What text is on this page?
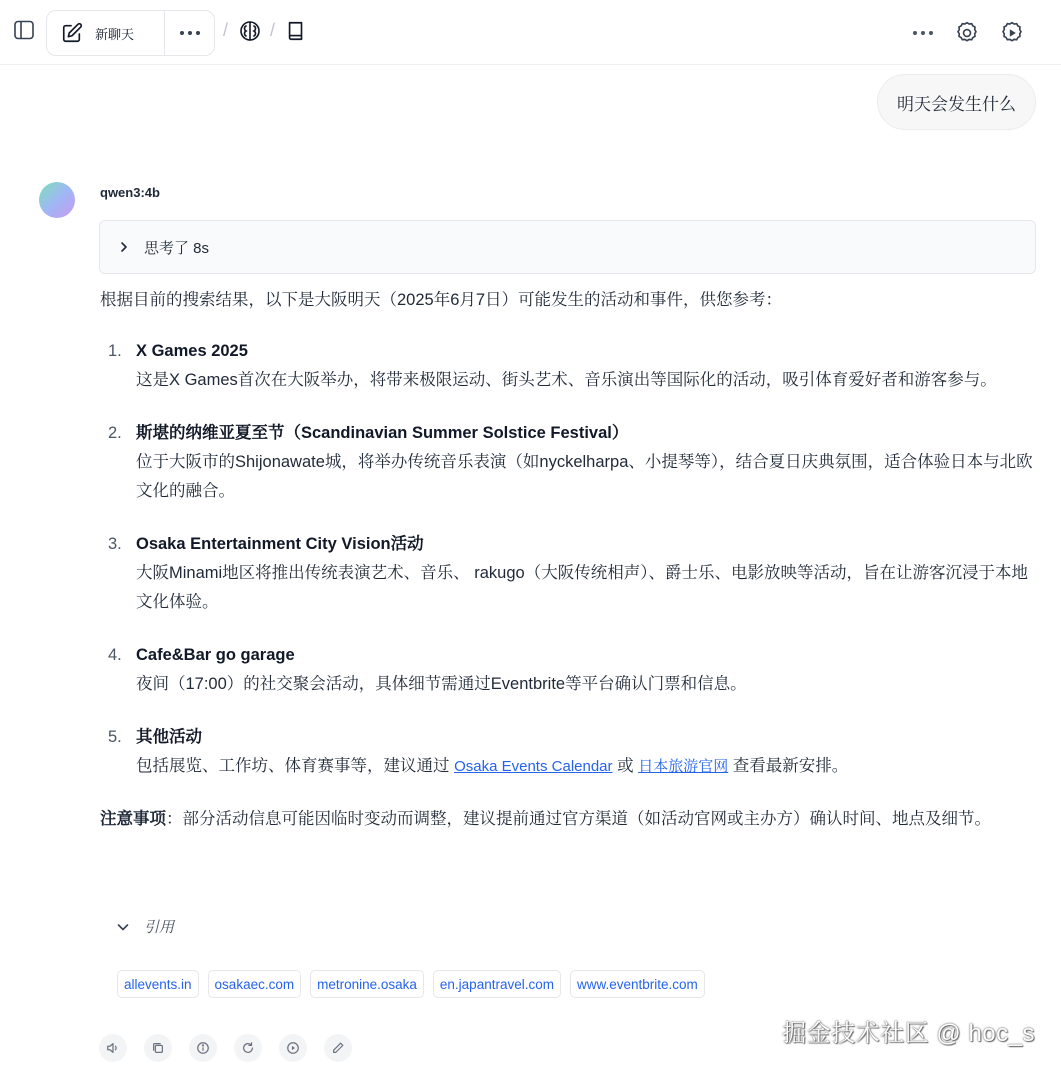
新聊天	/ /
明天会发生什么
qwen3:4b
思考了 8s

根据目前的搜索结果，以下是大阪明天（2025年6月7日）可能发生的活动和事件，供您参考：

1. X Games 2025
这是X Games首次在大阪举办，将带来极限运动、街头艺术、音乐演出等国际化的活动，吸引体育爱好者和游客参与。
2. 斯堪的纳维亚夏至节（Scandinavian Summer Solstice Festival）
位于大阪市的Shijonawate城，将举办传统音乐表演（如nyckelharpa、小提琴等），结合夏日庆典氛围，适合体验日本与北欧文化的融合。
3. Osaka Entertainment City Vision活动
大阪Minami地区将推出传统表演艺术、音乐、 rakugo（大阪传统相声）、爵士乐、电影放映等活动，旨在让游客沉浸于本地文化体验。
4. Cafe&Bar go garage
夜间（17:00）的社交聚会活动，具体细节需通过Eventbrite等平台确认门票和信息。
5. 其他活动
包括展览、工作坊、体育赛事等，建议通过 Osaka Events Calendar 或 日本旅游官网 查看最新安排。

注意事项：部分活动信息可能因临时变动而调整，建议提前通过官方渠道（如活动官网或主办方）确认时间、地点及细节。

引用
allevents.in	osakaec.com	metronine.osaka	en.japantravel.com	www.eventbrite.com
掘金技术社区 @ hoc_s
